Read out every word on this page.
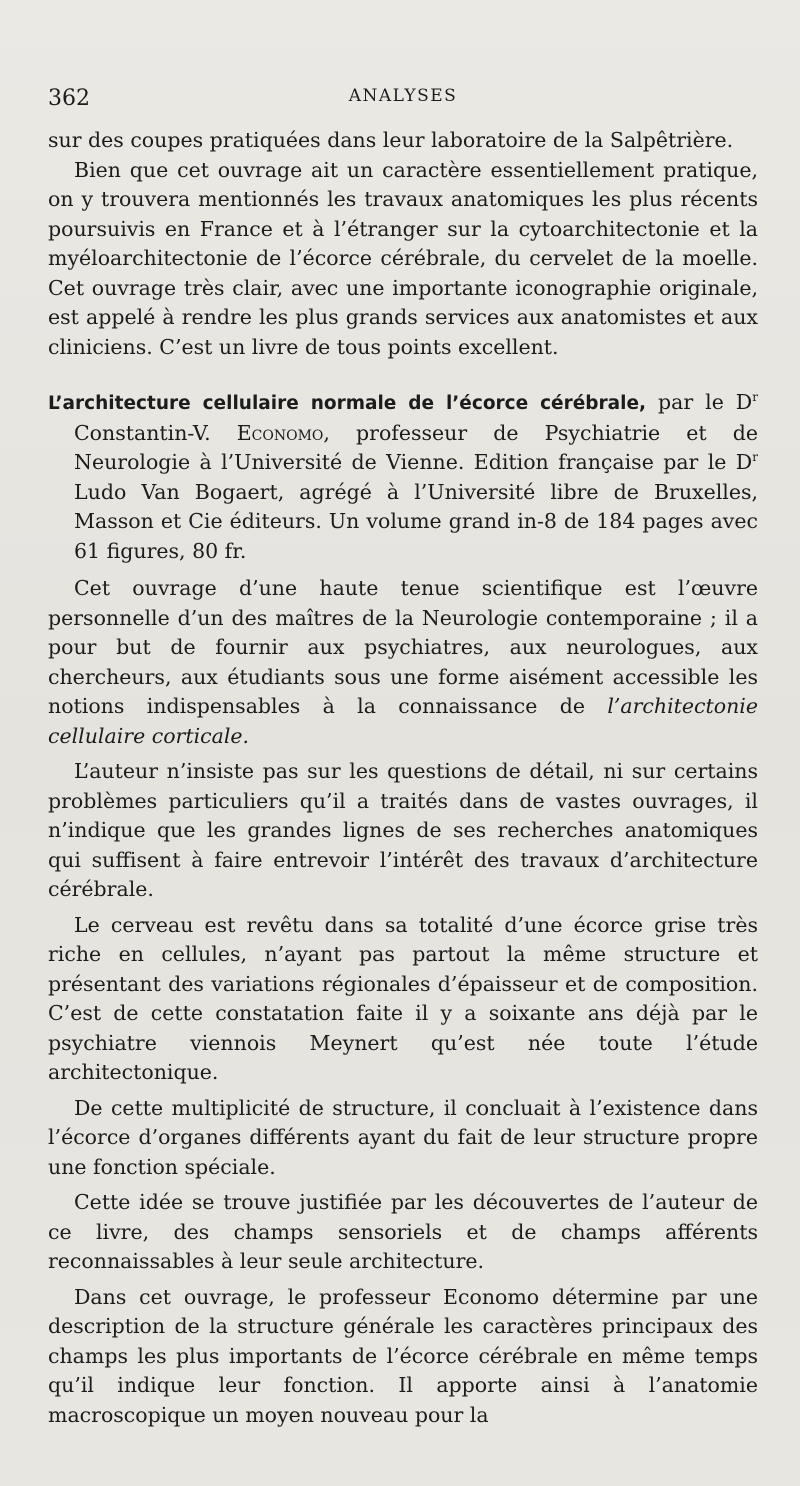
362	ANALYSES

sur des coupes pratiquées dans leur laboratoire de la Salpêtrière.

Bien que cet ouvrage ait un caractère essentiellement pratique, on y trouvera mentionnés les travaux anatomiques les plus récents poursuivis en France et à l’étranger sur la cytoarchitectonie et la myéloarchitectonie de l’écorce cérébrale, du cervelet de la moelle. Cet ouvrage très clair, avec une importante iconographie originale, est appelé à rendre les plus grands services aux anatomistes et aux cliniciens. C’est un livre de tous points excellent.

L’architecture cellulaire normale de l’écorce cérébrale, par le $D^r$ Constantin-V. Economo, professeur de Psychiatrie et de Neurologie à l’Université de Vienne. Edition française par le $D^r$ Ludo Van Bogaert, agrégé à l’Université libre de Bruxelles, Masson et Cie éditeurs. Un volume grand in-8 de 184 pages avec 61 figures, 80 fr.

Cet ouvrage d’une haute tenue scientifique est l’œuvre personnelle d’un des maîtres de la Neurologie contemporaine ; il a pour but de fournir aux psychiatres, aux neurologues, aux chercheurs, aux étudiants sous une forme aisément accessible les notions indispensables à la connaissance de l’architectonie cellulaire corticale.

L’auteur n’insiste pas sur les questions de détail, ni sur certains problèmes particuliers qu’il a traités dans de vastes ouvrages, il n’indique que les grandes lignes de ses recherches anatomiques qui suffisent à faire entrevoir l’intérêt des travaux d’architecture cérébrale.

Le cerveau est revêtu dans sa totalité d’une écorce grise très riche en cellules, n’ayant pas partout la même structure et présentant des variations régionales d’épaisseur et de composition. C’est de cette constatation faite il y a soixante ans déjà par le psychiatre viennois Meynert qu’est née toute l’étude architectonique.

De cette multiplicité de structure, il concluait à l’existence dans l’écorce d’organes différents ayant du fait de leur structure propre une fonction spéciale.

Cette idée se trouve justifiée par les découvertes de l’auteur de ce livre, des champs sensoriels et de champs afférents reconnaissables à leur seule architecture.

Dans cet ouvrage, le professeur Economo détermine par une description de la structure générale les caractères principaux des champs les plus importants de l’écorce cérébrale en même temps qu’il indique leur fonction. Il apporte ainsi à l’anatomie macroscopique un moyen nouveau pour la
